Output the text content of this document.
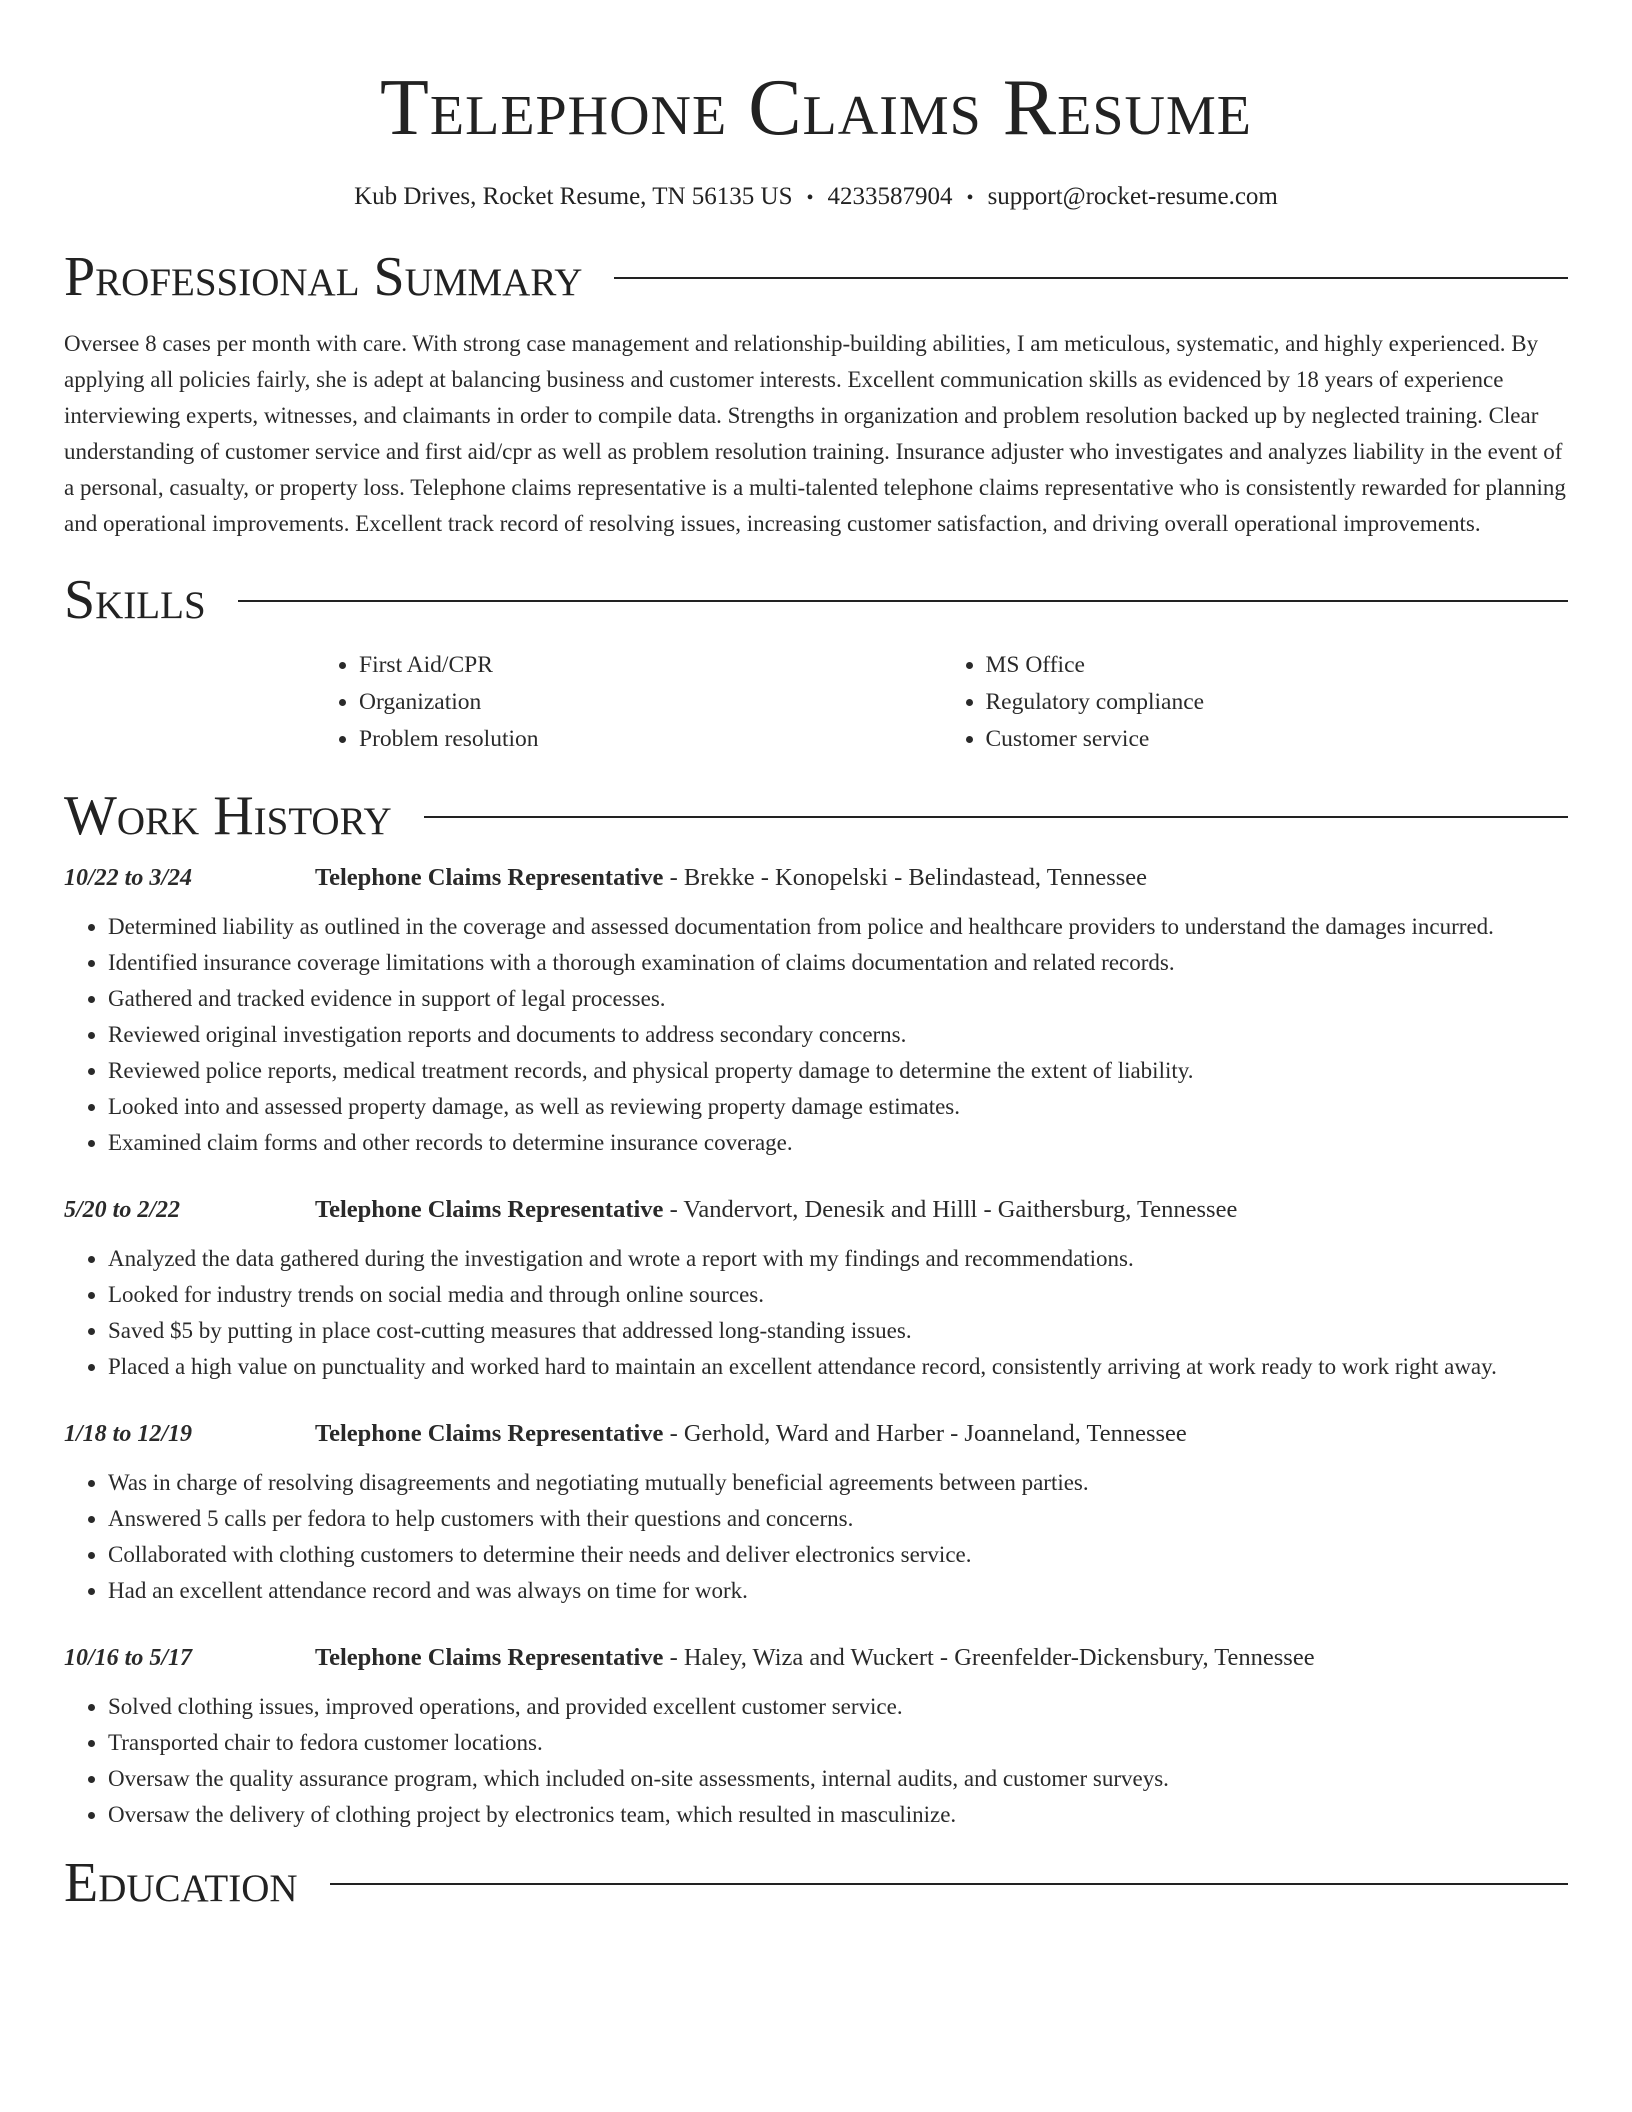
Telephone Claims Resume
Kub Drives, Rocket Resume, TN 56135 US • 4233587904 • support@rocket-resume.com
Professional Summary

Oversee 8 cases per month with care. With strong case management and relationship-building abilities, I am meticulous, systematic, and highly experienced. By applying all policies fairly, she is adept at balancing business and customer interests. Excellent communication skills as evidenced by 18 years of experience interviewing experts, witnesses, and claimants in order to compile data. Strengths in organization and problem resolution backed up by neglected training. Clear understanding of customer service and first aid/cpr as well as problem resolution training. Insurance adjuster who investigates and analyzes liability in the event of a personal, casualty, or property loss. Telephone claims representative is a multi-talented telephone claims representative who is consistently rewarded for planning and operational improvements. Excellent track record of resolving issues, increasing customer satisfaction, and driving overall operational improvements.

Skills
• First Aid/CPR
• Organization
• Problem resolution
• MS Office
• Regulatory compliance
• Customer service
Work History
10/22 to 3/24	Telephone Claims Representative - Brekke - Konopelski - Belindastead, Tennessee
• Determined liability as outlined in the coverage and assessed documentation from police and healthcare providers to understand the damages incurred.
• Identified insurance coverage limitations with a thorough examination of claims documentation and related records.
• Gathered and tracked evidence in support of legal processes.
• Reviewed original investigation reports and documents to address secondary concerns.
• Reviewed police reports, medical treatment records, and physical property damage to determine the extent of liability.
• Looked into and assessed property damage, as well as reviewing property damage estimates.
• Examined claim forms and other records to determine insurance coverage.
5/20 to 2/22	Telephone Claims Representative - Vandervort, Denesik and Hilll - Gaithersburg, Tennessee
• Analyzed the data gathered during the investigation and wrote a report with my findings and recommendations.
• Looked for industry trends on social media and through online sources.
• Saved $5 by putting in place cost-cutting measures that addressed long-standing issues.
• Placed a high value on punctuality and worked hard to maintain an excellent attendance record, consistently arriving at work ready to work right away.
1/18 to 12/19	Telephone Claims Representative - Gerhold, Ward and Harber - Joanneland, Tennessee
• Was in charge of resolving disagreements and negotiating mutually beneficial agreements between parties.
• Answered 5 calls per fedora to help customers with their questions and concerns.
• Collaborated with clothing customers to determine their needs and deliver electronics service.
• Had an excellent attendance record and was always on time for work.
10/16 to 5/17	Telephone Claims Representative - Haley, Wiza and Wuckert - Greenfelder-Dickensbury, Tennessee
• Solved clothing issues, improved operations, and provided excellent customer service.
• Transported chair to fedora customer locations.
• Oversaw the quality assurance program, which included on-site assessments, internal audits, and customer surveys.
• Oversaw the delivery of clothing project by electronics team, which resulted in masculinize.
Education
